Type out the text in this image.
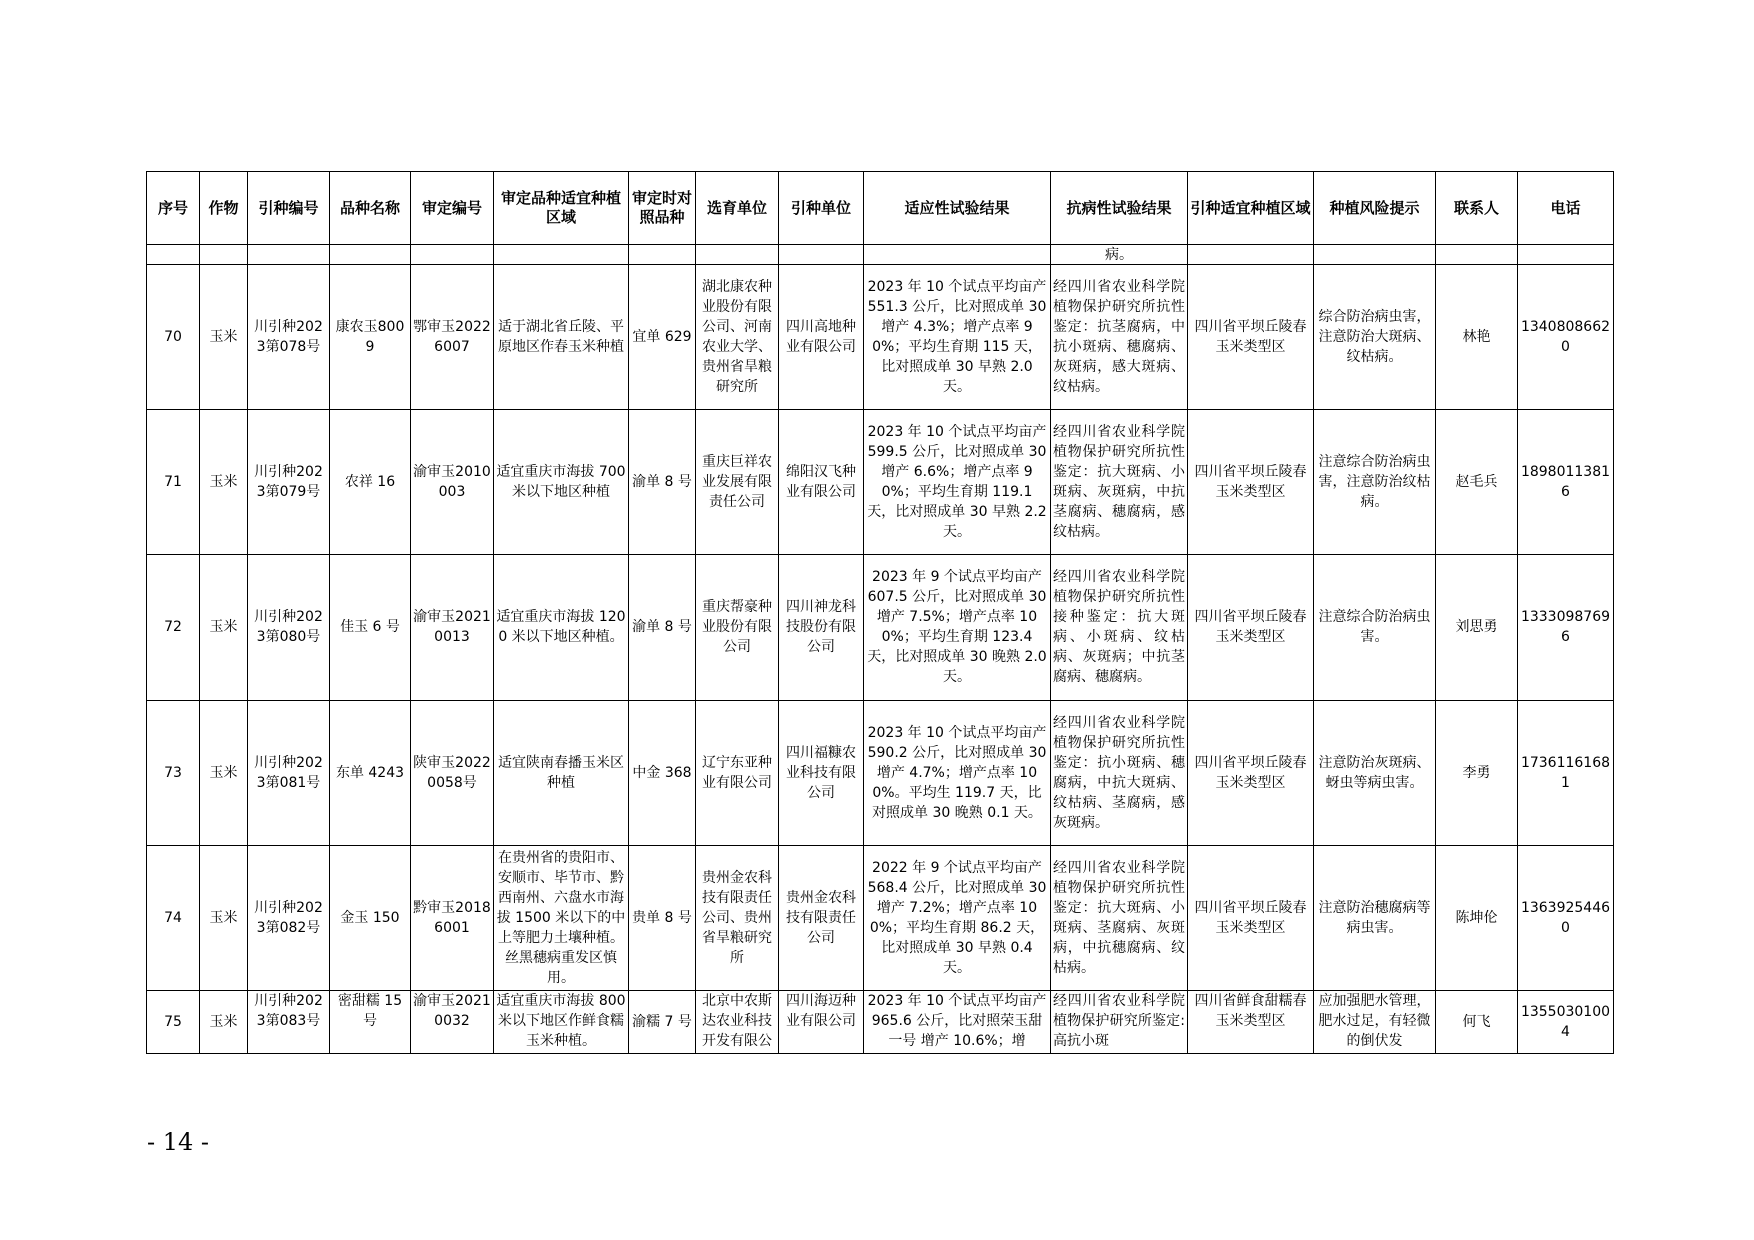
序号	作物	引种编号	品种名称	审定编号	审定品种适宜种植区域	审定时对照品种	选育单位	引种单位	适应性试验结果	抗病性试验结果	引种适宜种植区域	种植风险提示	联系人	电话
										病。				
70	玉米	川引种2023第078号	康农玉8009	鄂审玉20226007	适于湖北省丘陵、平原地区作春玉米种植	宜单 629	湖北康农种业股份有限公司、河南农业大学、贵州省旱粮研究所	四川高地种业有限公司	2023 年 10 个试点平均亩产 551.3 公斤，比对照成单 30 增产 4.3%；增产点率 90%；平均生育期 115 天，比对照成单 30 早熟 2.0 天。	经四川省农业科学院植物保护研究所抗性鉴定：抗茎腐病，中抗小斑病、穗腐病、灰斑病，感大斑病、纹枯病。	四川省平坝丘陵春玉米类型区	综合防治病虫害，注意防治大斑病、纹枯病。	林艳	13408086620
71	玉米	川引种2023第079号	农祥 16	渝审玉2010003	适宜重庆市海拔 700 米以下地区种植	渝单 8 号	重庆巨祥农业发展有限责任公司	绵阳汉飞种业有限公司	2023 年 10 个试点平均亩产 599.5 公斤，比对照成单 30 增产 6.6%；增产点率 90%；平均生育期 119.1 天，比对照成单 30 早熟 2.2 天。	经四川省农业科学院植物保护研究所抗性鉴定：抗大斑病、小斑病、灰斑病，中抗茎腐病、穗腐病，感纹枯病。	四川省平坝丘陵春玉米类型区	注意综合防治病虫害，注意防治纹枯病。	赵毛兵	18980113816
72	玉米	川引种2023第080号	佳玉 6 号	渝审玉20210013	适宜重庆市海拔 1200 米以下地区种植。	渝单 8 号	重庆帮豪种业股份有限公司	四川神龙科技股份有限公司	2023 年 9 个试点平均亩产 607.5 公斤，比对照成单 30 增产 7.5%；增产点率 100%；平均生育期 123.4 天，比对照成单 30 晚熟 2.0 天。	经四川省农业科学院植物保护研究所抗性接种鉴定：抗大斑病、小斑病、纹枯病、灰斑病；中抗茎腐病、穗腐病。	四川省平坝丘陵春玉米类型区	注意综合防治病虫害。	刘思勇	13330987696
73	玉米	川引种2023第081号	东单 4243	陕审玉20220058号	适宜陕南春播玉米区种植	中金 368	辽宁东亚种业有限公司	四川福糠农业科技有限公司	2023 年 10 个试点平均亩产 590.2 公斤，比对照成单 30 增产 4.7%；增产点率 100%。平均生 119.7 天，比对照成单 30 晚熟 0.1 天。	经四川省农业科学院植物保护研究所抗性鉴定：抗小斑病、穗腐病，中抗大斑病、纹枯病、茎腐病，感灰斑病。	四川省平坝丘陵春玉米类型区	注意防治灰斑病、蚜虫等病虫害。	李勇	17361161681
74	玉米	川引种2023第082号	金玉 150	黔审玉20186001	在贵州省的贵阳市、安顺市、毕节市、黔西南州、六盘水市海拔 1500 米以下的中上等肥力土壤种植。丝黑穗病重发区慎用。	贵单 8 号	贵州金农科技有限责任公司、贵州省旱粮研究所	贵州金农科技有限责任公司	2022 年 9 个试点平均亩产 568.4 公斤，比对照成单 30 增产 7.2%；增产点率 100%；平均生育期 86.2 天，比对照成单 30 早熟 0.4 天。	经四川省农业科学院植物保护研究所抗性鉴定：抗大斑病、小斑病、茎腐病、灰斑病，中抗穗腐病、纹枯病。	四川省平坝丘陵春玉米类型区	注意防治穗腐病等病虫害。	陈坤伦	13639254460
75	玉米	川引种2023第083号	密甜糯 15 号	渝审玉20210032	适宜重庆市海拔 800 米以下地区作鲜食糯玉米种植。	渝糯 7 号	北京中农斯达农业科技开发有限公	四川海迈种业有限公司	2023 年 10 个试点平均亩产 965.6 公斤，比对照荣玉甜一号 增产 10.6%；增	经四川省农业科学院植物保护研究所鉴定:高抗小斑	四川省鲜食甜糯春玉米类型区	应加强肥水管理，肥水过足，有轻微的倒伏发	何飞	13550301004
- 14 -
